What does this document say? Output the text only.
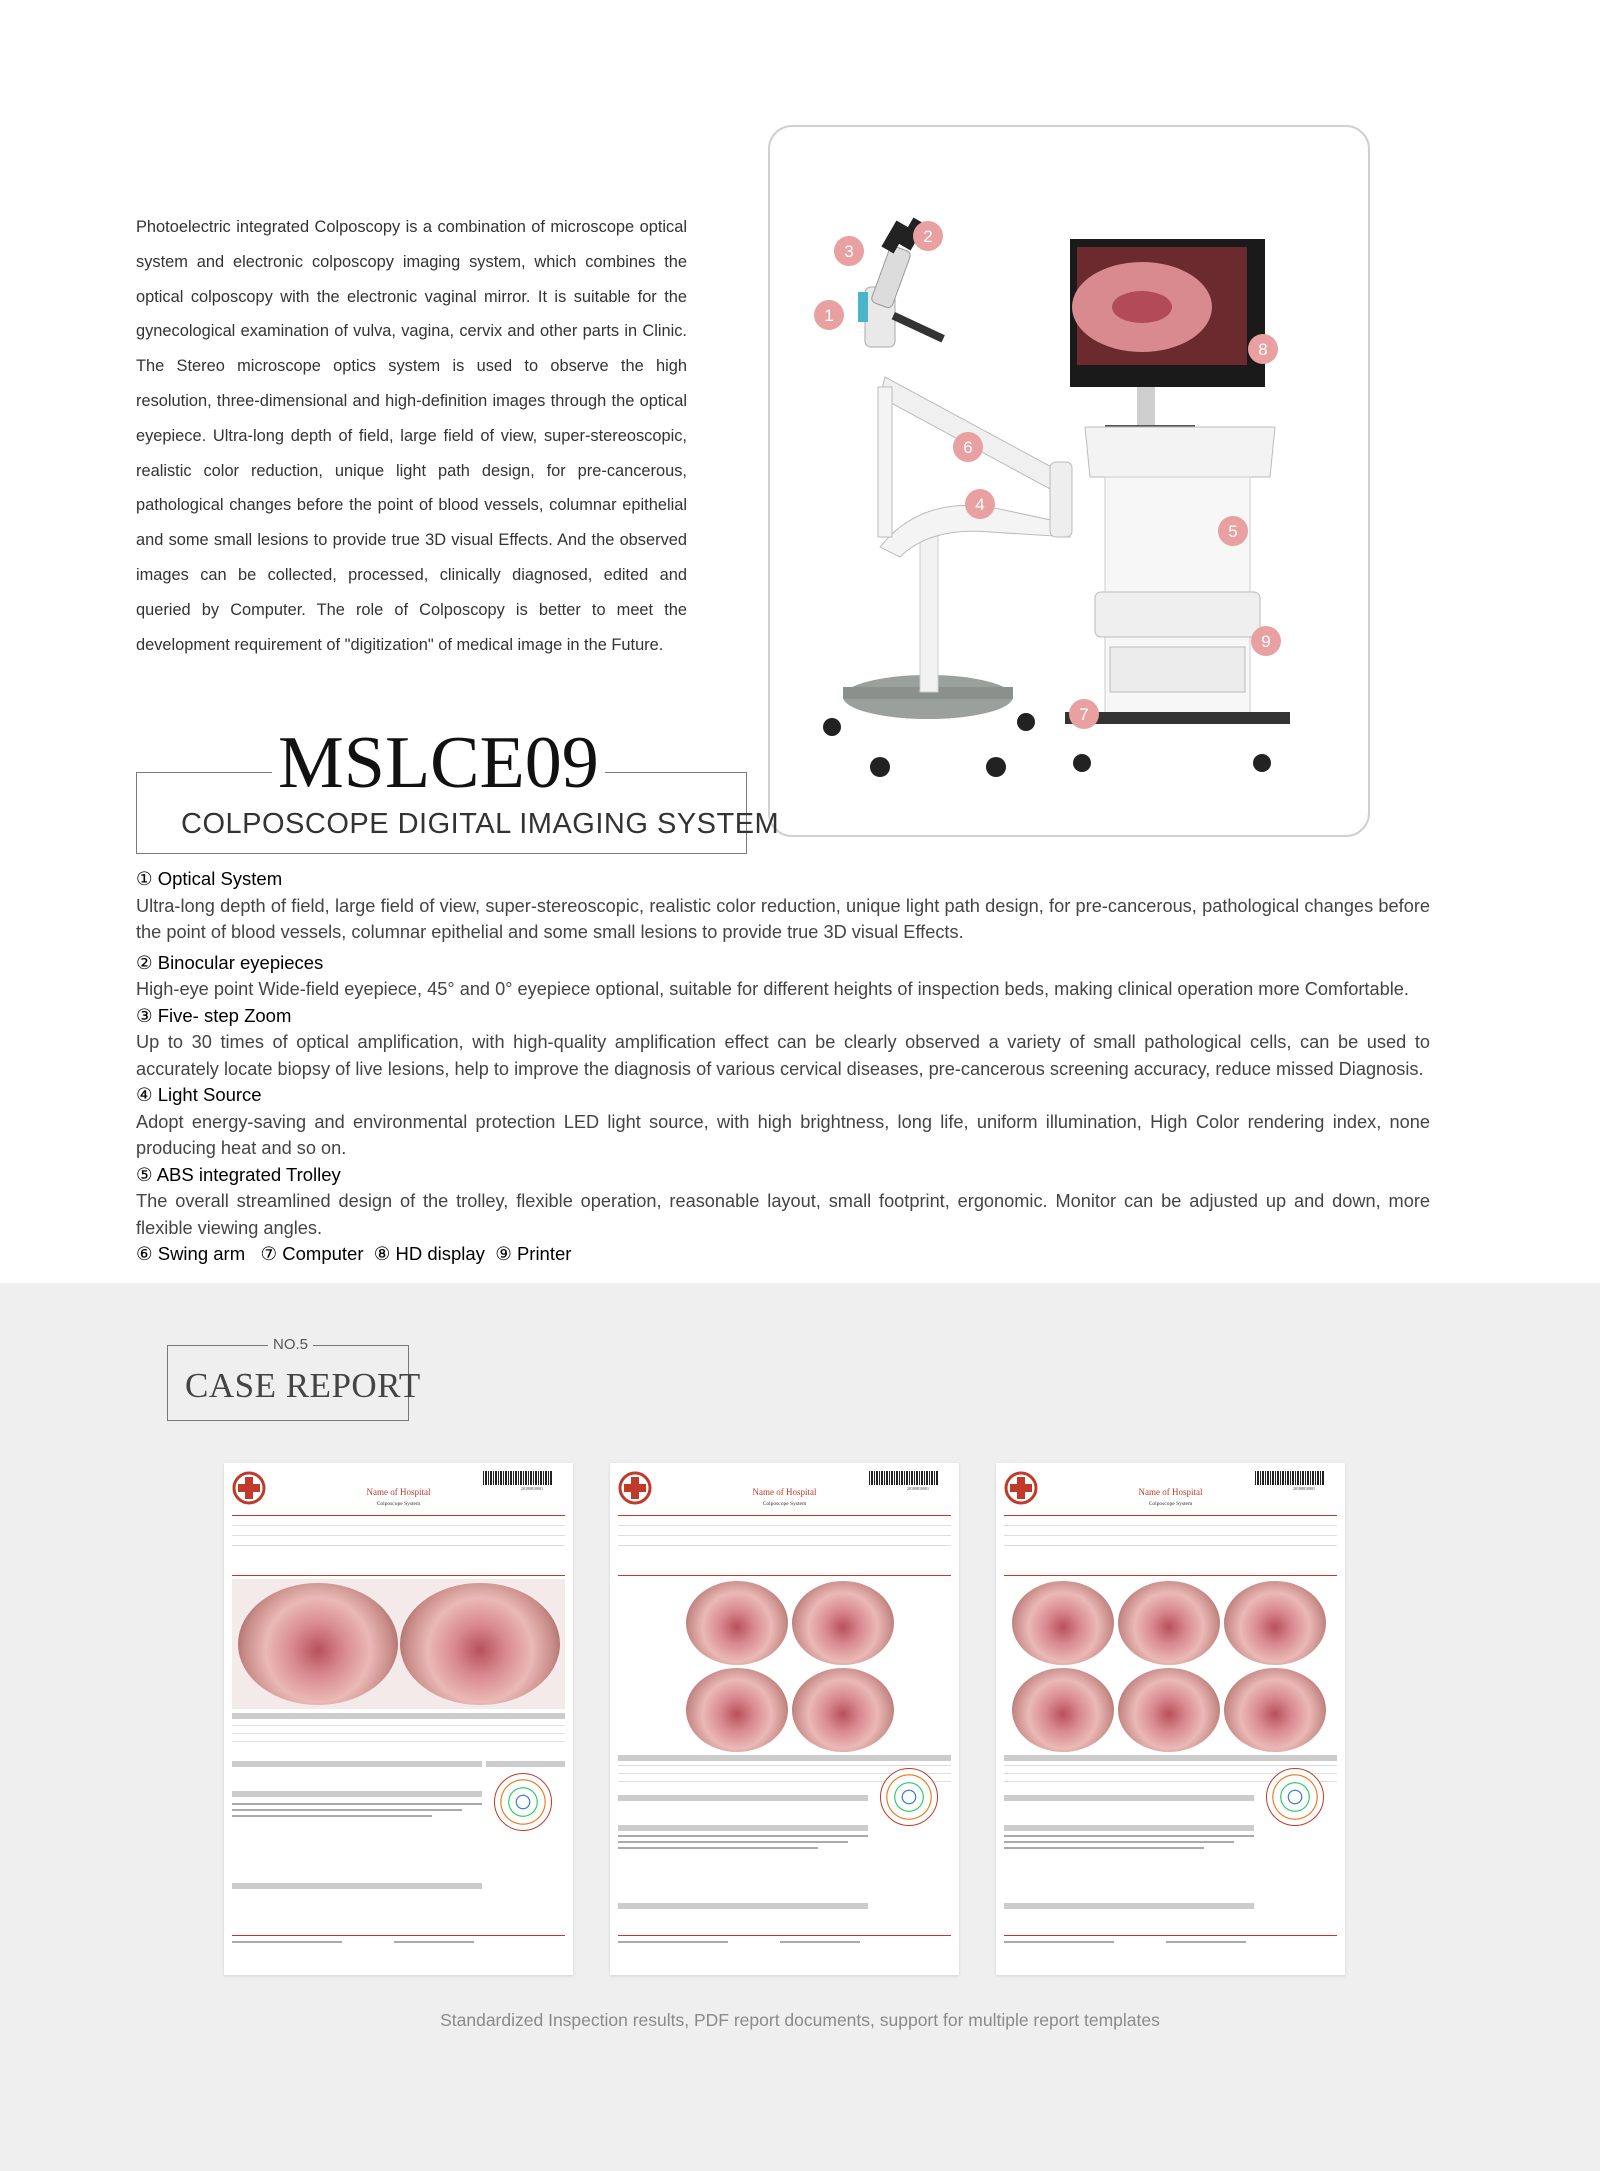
Photoelectric integrated Colposcopy is a combination of microscope optical system and electronic colposcopy imaging system, which combines the optical colposcopy with the electronic vaginal mirror. It is suitable for the gynecological examination of vulva, vagina, cervix and other parts in Clinic. The Stereo microscope optics system is used to observe the high resolution, three-dimensional and high-definition images through the optical eyepiece. Ultra-long depth of field, large field of view, super-stereoscopic, realistic color reduction, unique light path design, for pre-cancerous, pathological changes before the point of blood vessels, columnar epithelial and some small lesions to provide true 3D visual Effects. And the observed images can be collected, processed, clinically diagnosed, edited and queried by Computer. The role of Colposcopy is better to meet the development requirement of "digitization" of medical image in the Future.
1
2
3
4
5
6
7
8
9
MSLCE09
COLPOSCOPE DIGITAL IMAGING SYSTEM
① Optical System
Ultra-long depth of field, large field of view, super-stereoscopic, realistic color reduction, unique light path design, for pre-cancerous, pathological changes before the point of blood vessels, columnar epithelial and some small lesions to provide true 3D visual Effects.
② Binocular eyepieces
High-eye point Wide-field eyepiece, 45° and 0° eyepiece optional, suitable for different heights of inspection beds, making clinical operation more Comfortable.
③ Five- step Zoom
Up to 30 times of optical amplification, with high-quality amplification effect can be clearly observed a variety of small pathological cells, can be used to accurately locate biopsy of live lesions, help to improve the diagnosis of various cervical diseases, pre-cancerous screening accuracy, reduce missed Diagnosis.
④ Light Source
Adopt energy-saving and environmental protection LED light source, with high brightness, long life, uniform illumination, High Color rendering index, none producing heat and so on.
⑤ ABS integrated Trolley
The overall streamlined design of the trolley, flexible operation, reasonable layout, small footprint, ergonomic. Monitor can be adjusted up and down, more flexible viewing angles.
⑥ Swing arm   ⑦ Computer  ⑧ HD display  ⑨ Printer
NO.5
CASE REPORT
Name of Hospital
Colposcope System
20180810001	Name of Hospital
Colposcope System
20180810001	Name of Hospital
Colposcope System
20180810001
Standardized Inspection results, PDF report documents, support for multiple report templates
